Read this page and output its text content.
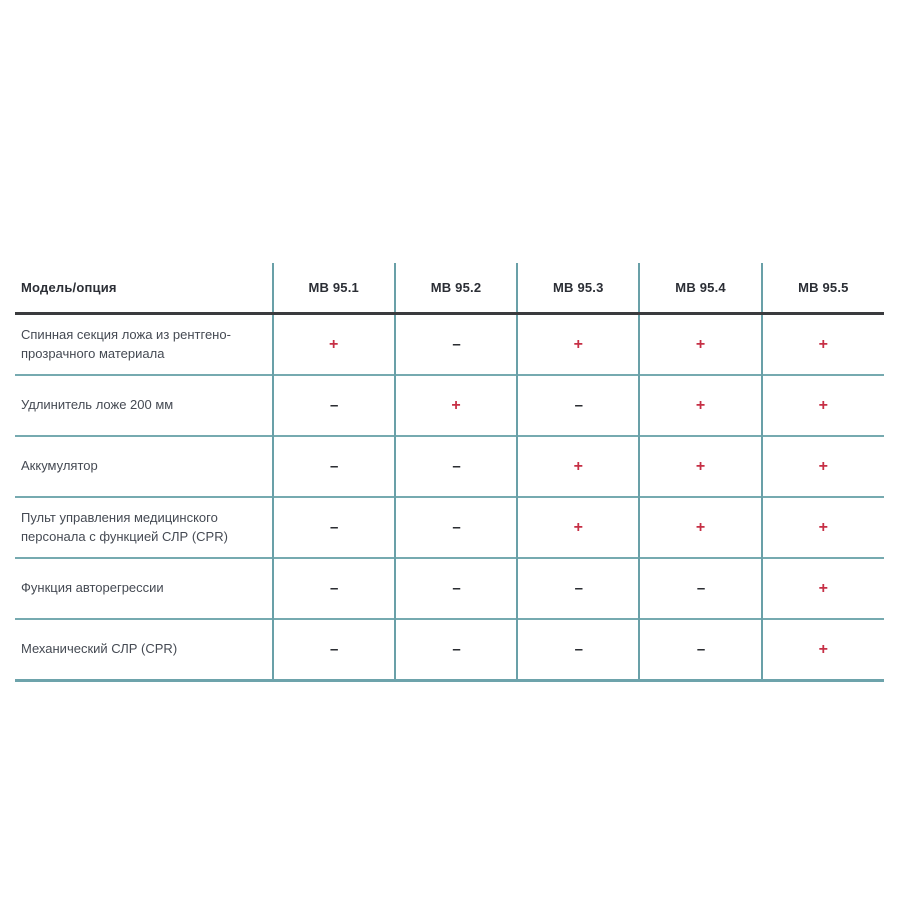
Модель/опция	МВ 95.1	МВ 95.2	МВ 95.3	МВ 95.4	МВ 95.5
Спинная секция ложа из рентгено-прозрачного материала	+	–	+	+	+
Удлинитель ложе 200 мм	–	+	–	+	+
Аккумулятор	–	–	+	+	+
Пульт управления медицинского персонала с функцией СЛР (CPR)	–	–	+	+	+
Функция авторегрессии	–	–	–	–	+
Механический СЛР (CPR)	–	–	–	–	+
